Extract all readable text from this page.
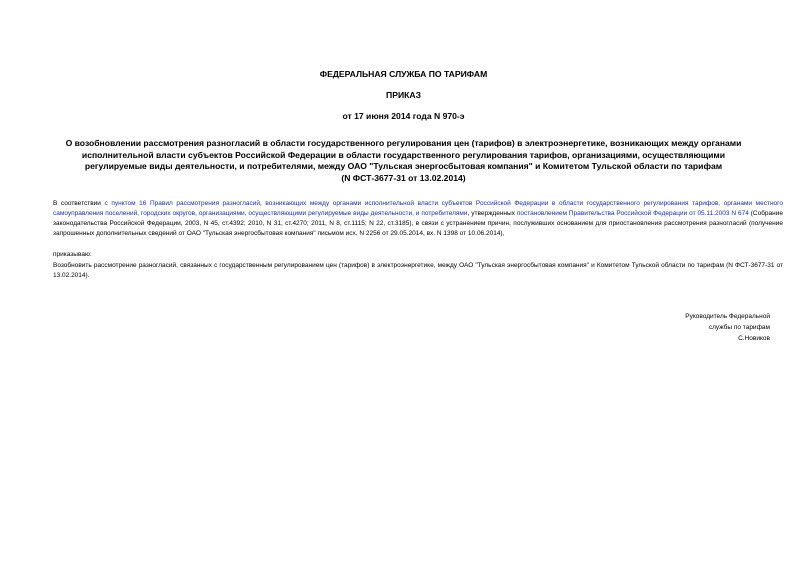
ФЕДЕРАЛЬНАЯ СЛУЖБА ПО ТАРИФАМ
ПРИКАЗ
от 17 июня 2014 года N 970-э
О возобновлении рассмотрения разногласий в области государственного регулирования цен (тарифов) в электроэнергетике, возникающих между органами
исполнительной власти субъектов Российской Федерации в области государственного регулирования тарифов, организациями, осуществляющими
регулируемые виды деятельности, и потребителями, между ОАО "Тульская энергосбытовая компания" и Комитетом Тульской области по тарифам
(N ФСТ-3677-31 от 13.02.2014)
В соответствии с пунктом 16 Правил рассмотрения разногласий, возникающих между органами исполнительной власти субъектов Российской Федерации в области государственного регулирования тарифов, органами местного самоуправления поселений, городских округов, организациями, осуществляющими регулируемые виды деятельности, и потребителями, утвержденных постановлением Правительства Российской Федерации от 05.11.2003 N 674 (Собрание законодательства Российской Федерации, 2003, N 45, ст.4392; 2010, N 31, ст.4270; 2011, N 8, ст.1115; N 22, ст.3185), в связи с устранением причин, послуживших основанием для приостановления рассмотрения разногласий (получение запрошенных дополнительных сведений от ОАО "Тульская энергосбытовая компания" письмом исх. N 2256 от 29.05.2014, вх. N 1398 от 10.06.2014),
приказываю:
Возобновить рассмотрение разногласий, связанных с государственным регулированием цен (тарифов) в электроэнергетике, между ОАО "Тульская энергосбытовая компания" и Комитетом Тульской области по тарифам (N ФСТ-3677-31 от 13.02.2014).
Руководитель Федеральной
службы по тарифам
С.Новиков
